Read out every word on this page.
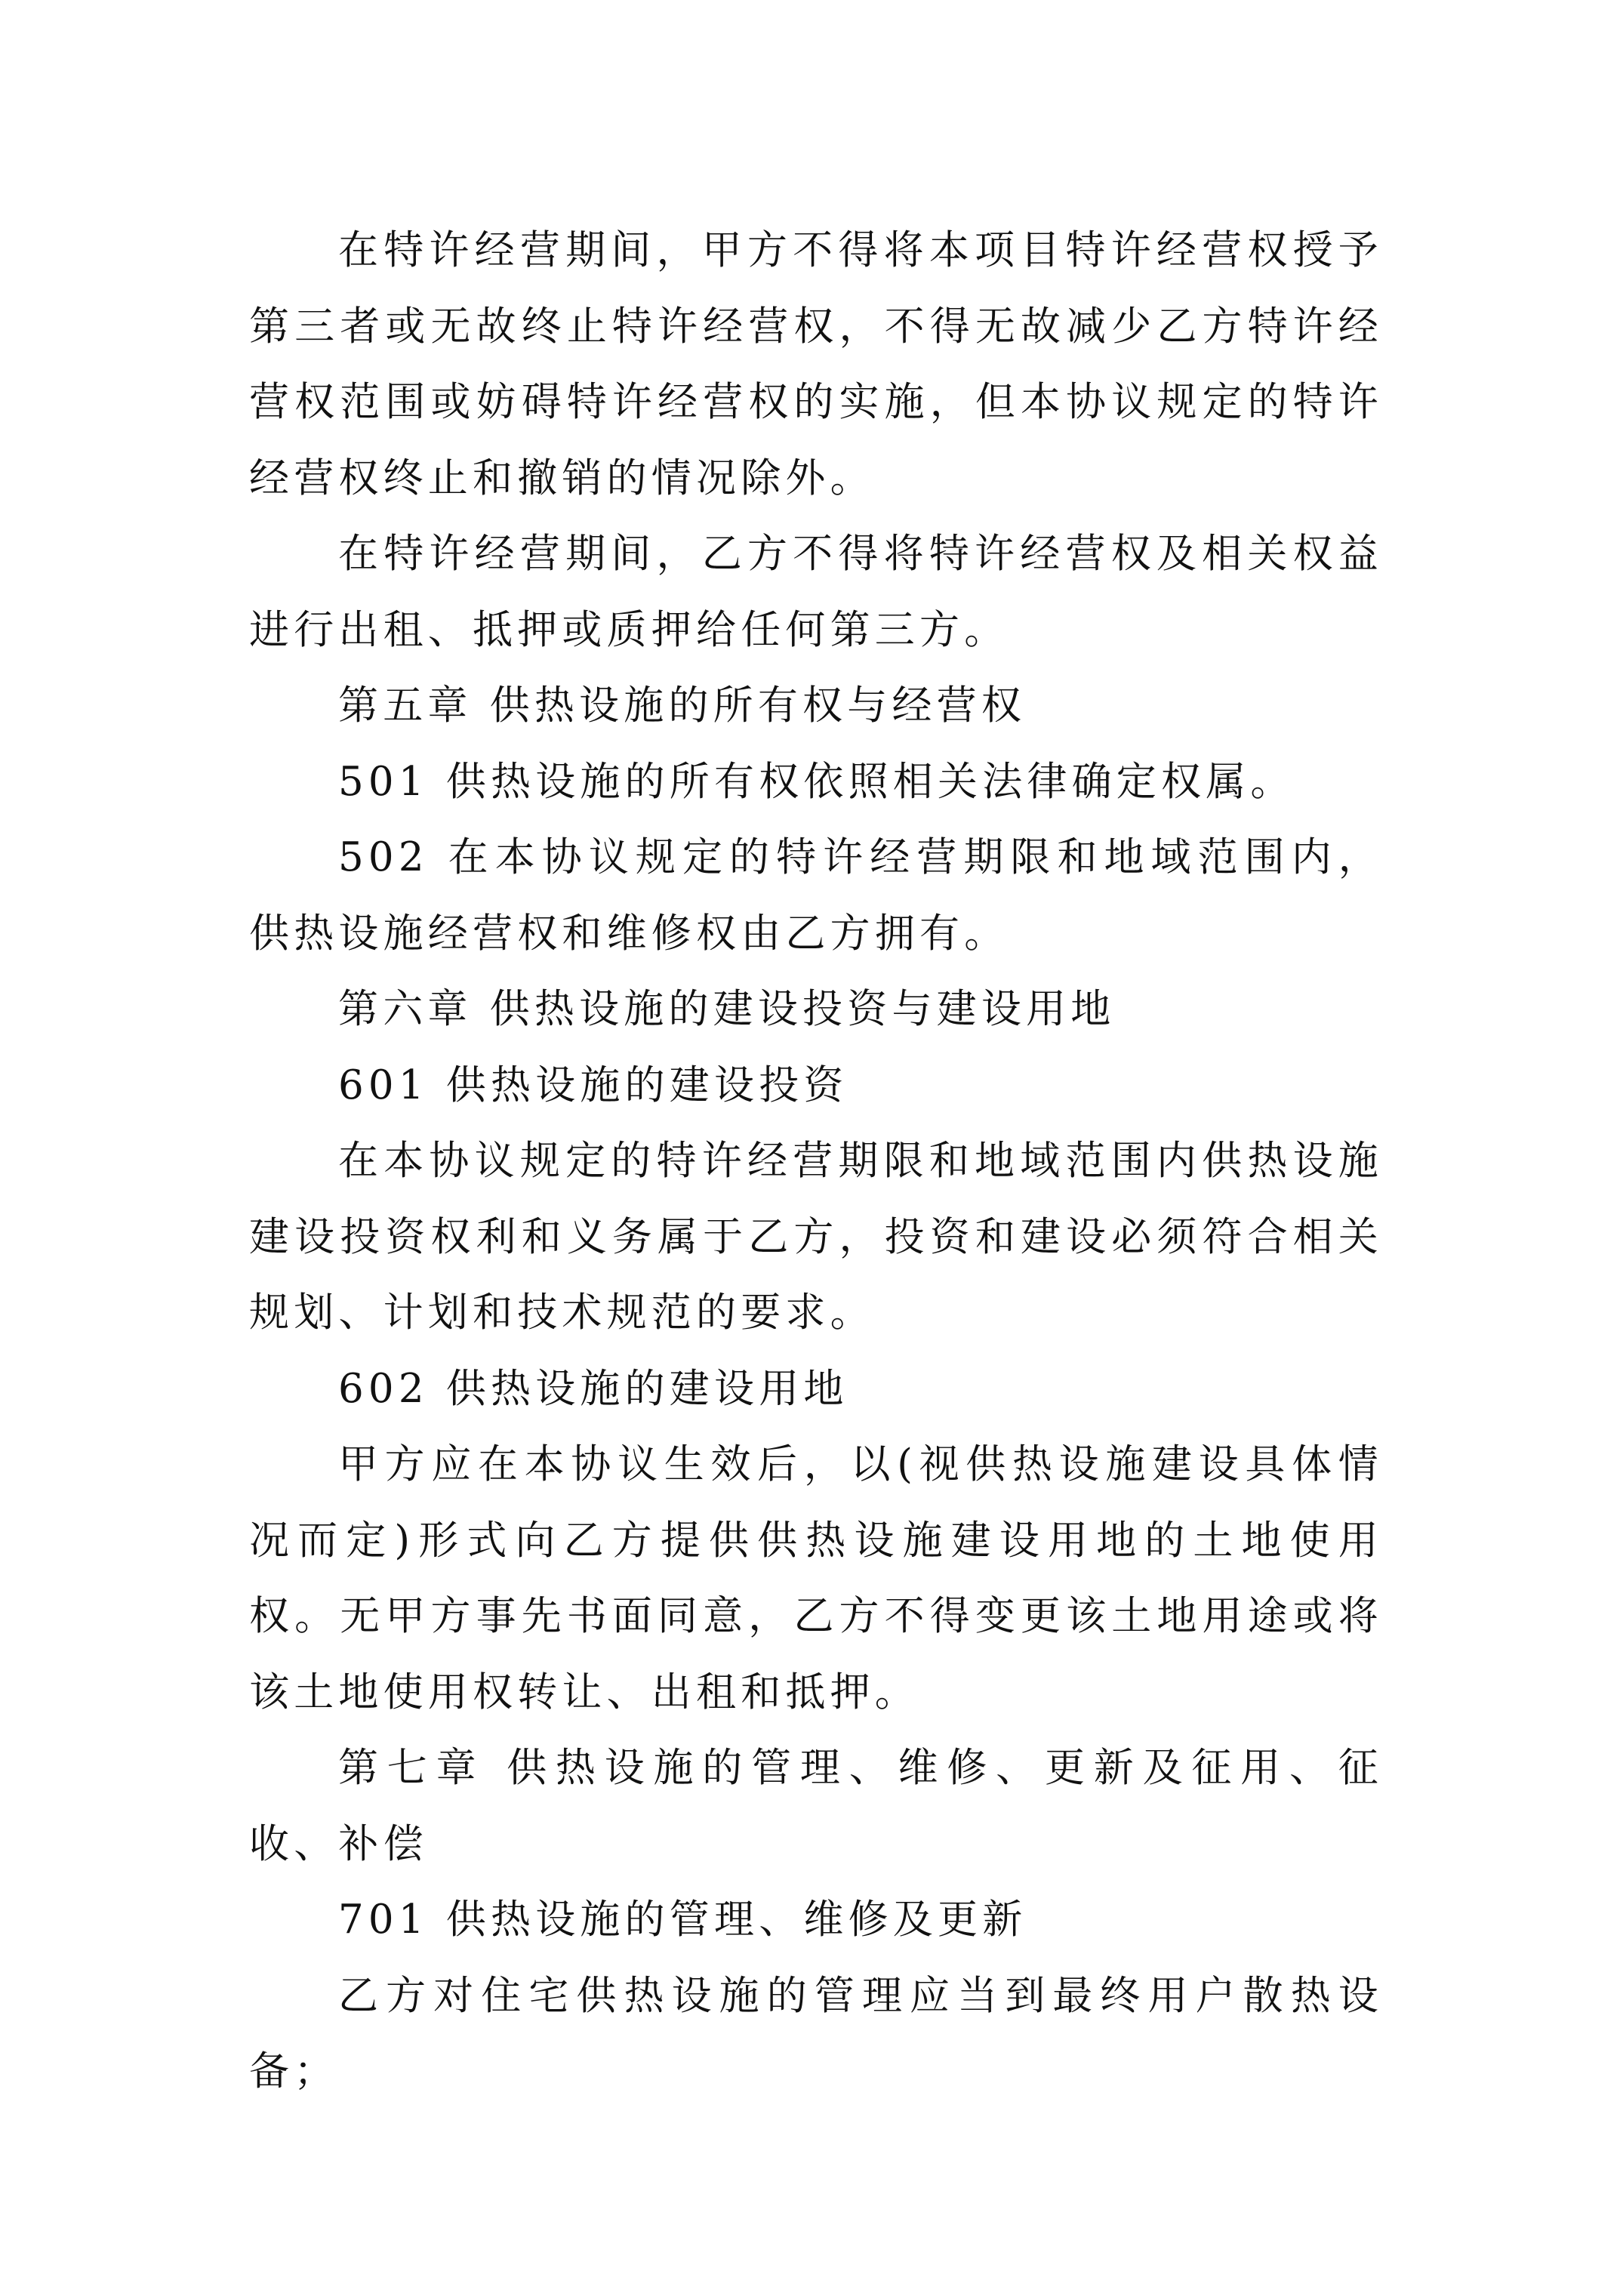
在特许经营期间，甲方不得将本项目特许经营权授予第三者或无故终止特许经营权，不得无故减少乙方特许经营权范围或妨碍特许经营权的实施，但本协议规定的特许经营权终止和撤销的情况除外。

在特许经营期间，乙方不得将特许经营权及相关权益进行出租、抵押或质押给任何第三方。

第五章 供热设施的所有权与经营权

501 供热设施的所有权依照相关法律确定权属。

502 在本协议规定的特许经营期限和地域范围内，供热设施经营权和维修权由乙方拥有。

第六章 供热设施的建设投资与建设用地

601 供热设施的建设投资

在本协议规定的特许经营期限和地域范围内供热设施建设投资权利和义务属于乙方，投资和建设必须符合相关规划、计划和技术规范的要求。

602 供热设施的建设用地

甲方应在本协议生效后，以(视供热设施建设具体情况而定)形式向乙方提供供热设施建设用地的土地使用权。无甲方事先书面同意，乙方不得变更该土地用途或将该土地使用权转让、出租和抵押。

第七章 供热设施的管理、维修、更新及征用、征收、补偿

701 供热设施的管理、维修及更新

乙方对住宅供热设施的管理应当到最终用户散热设备；
